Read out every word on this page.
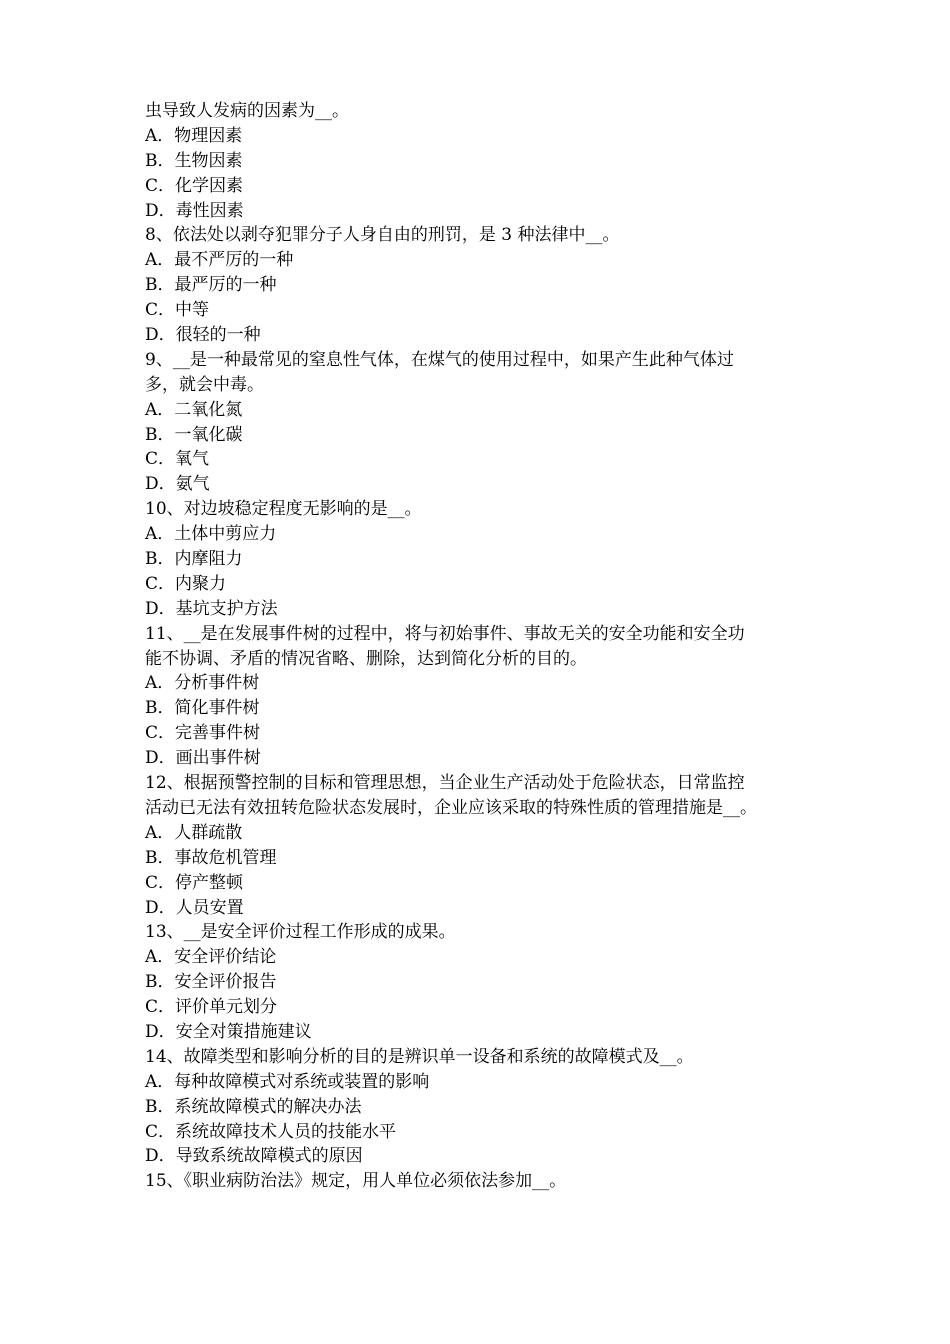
虫导致人发病的因素为__。
A．物理因素
B．生物因素
C．化学因素
D．毒性因素
8、依法处以剥夺犯罪分子人身自由的刑罚，是 3 种法律中__。
A．最不严厉的一种
B．最严厉的一种
C．中等
D．很轻的一种
9、__是一种最常见的窒息性气体，在煤气的使用过程中，如果产生此种气体过
多，就会中毒。
A．二氧化氮
B．一氧化碳
C．氧气
D．氨气
10、对边坡稳定程度无影响的是__。
A．土体中剪应力
B．内摩阻力
C．内聚力
D．基坑支护方法
11、__是在发展事件树的过程中，将与初始事件、事故无关的安全功能和安全功
能不协调、矛盾的情况省略、删除，达到简化分析的目的。
A．分析事件树
B．简化事件树
C．完善事件树
D．画出事件树
12、根据预警控制的目标和管理思想，当企业生产活动处于危险状态，日常监控
活动已无法有效扭转危险状态发展时，企业应该采取的特殊性质的管理措施是__。
A．人群疏散
B．事故危机管理
C．停产整顿
D．人员安置
13、__是安全评价过程工作形成的成果。
A．安全评价结论
B．安全评价报告
C．评价单元划分
D．安全对策措施建议
14、故障类型和影响分析的目的是辨识单一设备和系统的故障模式及__。
A．每种故障模式对系统或装置的影响
B．系统故障模式的解决办法
C．系统故障技术人员的技能水平
D．导致系统故障模式的原因
15、《职业病防治法》规定，用人单位必须依法参加__。
